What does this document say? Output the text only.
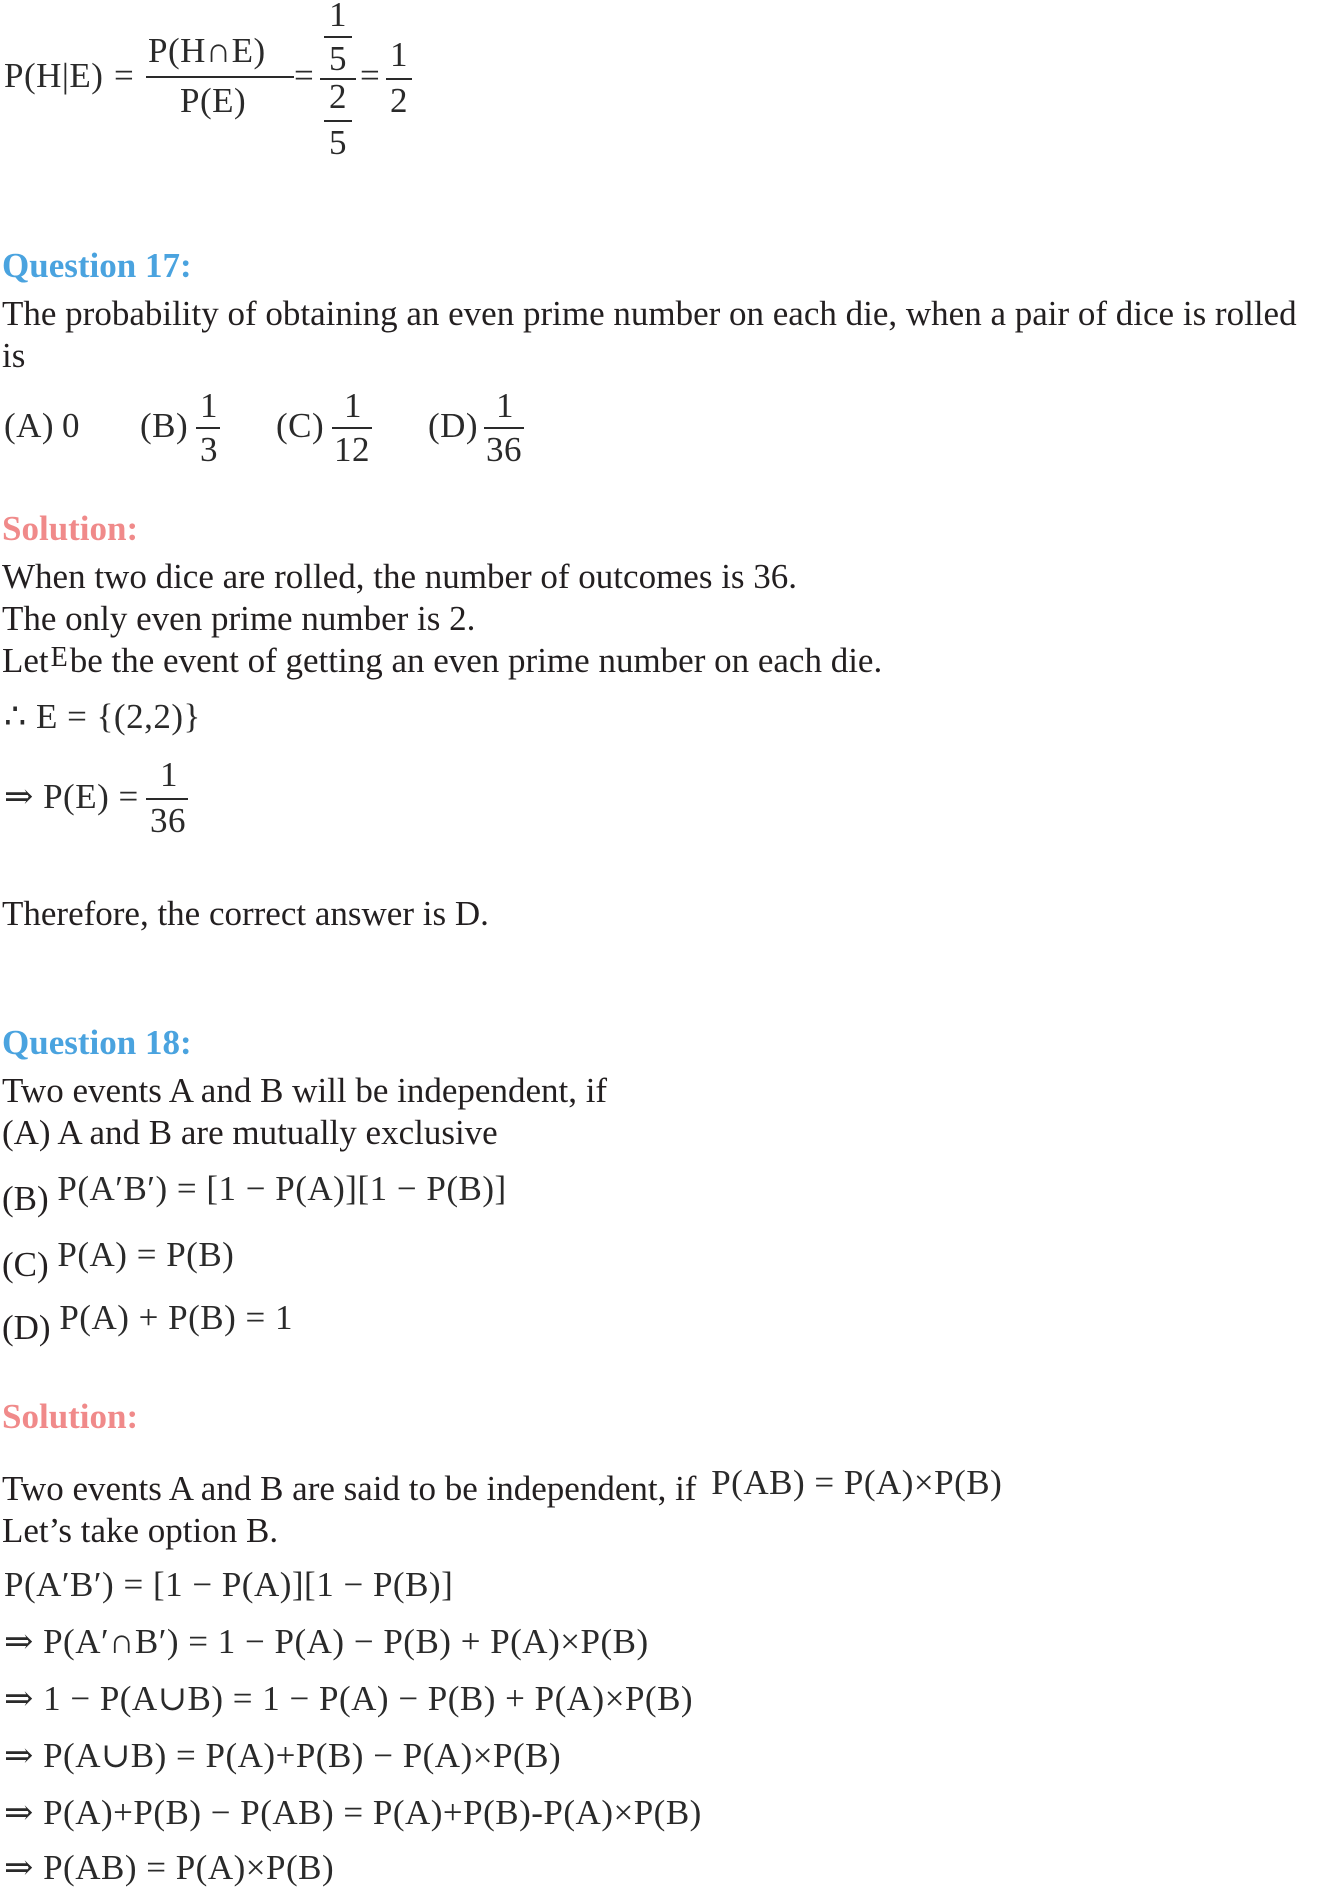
P(H|E) =
P(H∩E)
P(E)
=
1
5
2
5
=
1
2
Question 17:
The probability of obtaining an even prime number on each die, when a pair of dice is rolled
is
(A) 0 (B)
1
3
(C)
1
12
(D)
1
36
Solution:
When two dice are rolled, the number of outcomes is 36.
The only even prime number is 2.
LetEbe the event of getting an even prime number on each die.
∴ E = {(2,2)}
⇒ P(E) =
1
36
Therefore, the correct answer is D.
Question 18:
Two events A and B will be independent, if
(A) A and B are mutually exclusive
(B) P(A′B′) = [1 − P(A)][1 − P(B)]
(C) P(A) = P(B)
(D) P(A) + P(B) = 1
Solution:
Two events A and B are said to be independent, if P(AB) = P(A)×P(B)
Let’s take option B.
P(A′B′) = [1 − P(A)][1 − P(B)]
⇒ P(A′∩B′) = 1 − P(A) − P(B) + P(A)×P(B)
⇒ 1 − P(A∪B) = 1 − P(A) − P(B) + P(A)×P(B)
⇒ P(A∪B) = P(A)+P(B) − P(A)×P(B)
⇒ P(A)+P(B) − P(AB) = P(A)+P(B)-P(A)×P(B)
⇒ P(AB) = P(A)×P(B)
